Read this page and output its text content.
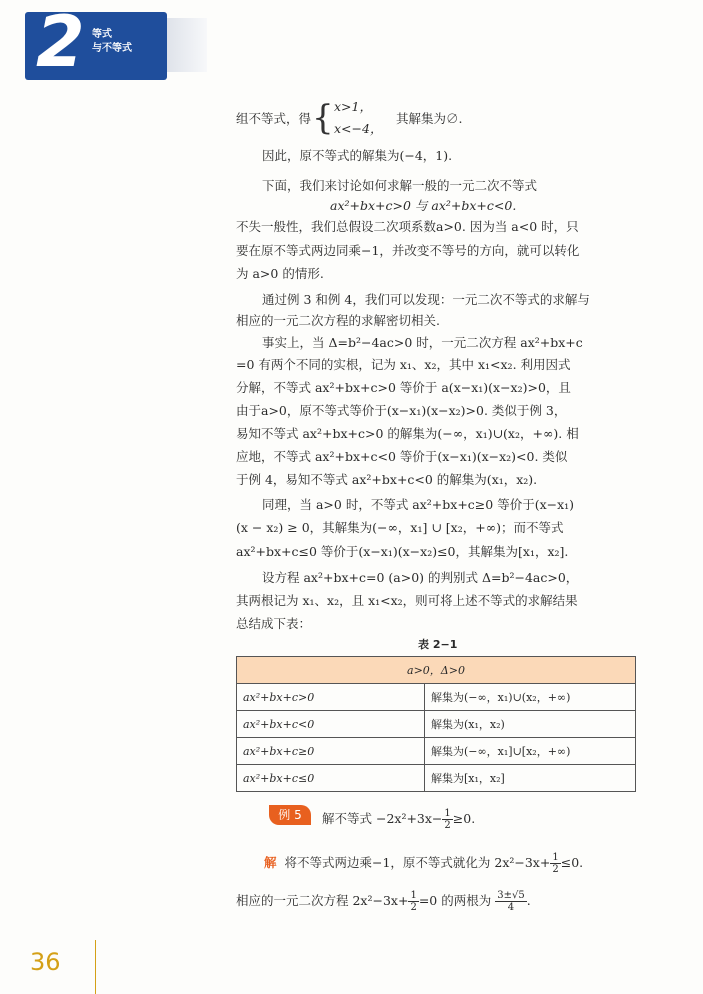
2 等式
与不等式
组不等式，得 { x>1，
x<−4，
其解集为∅.
因此，原不等式的解集为(−4，1).
下面，我们来讨论如何求解一般的一元二次不等式
ax²+bx+c>0 与 ax²+bx+c<0.
不失一般性，我们总假设二次项系数a>0. 因为当 a<0 时，只
要在原不等式两边同乘−1，并改变不等号的方向，就可以转化
为 a>0 的情形.
通过例 3 和例 4，我们可以发现：一元二次不等式的求解与
相应的一元二次方程的求解密切相关.
事实上，当 Δ=b²−4ac>0 时，一元二次方程 ax²+bx+c
=0 有两个不同的实根，记为 x₁、x₂，其中 x₁<x₂. 利用因式
分解，不等式 ax²+bx+c>0 等价于 a(x−x₁)(x−x₂)>0，且
由于a>0，原不等式等价于(x−x₁)(x−x₂)>0. 类似于例 3，
易知不等式 ax²+bx+c>0 的解集为(−∞，x₁)∪(x₂，+∞). 相
应地，不等式 ax²+bx+c<0 等价于(x−x₁)(x−x₂)<0. 类似
于例 4，易知不等式 ax²+bx+c<0 的解集为(x₁，x₂).
同理，当 a>0 时，不等式 ax²+bx+c≥0 等价于(x−x₁)
(x − x₂) ≥ 0，其解集为(−∞，x₁] ∪ [x₂，+∞)；而不等式
ax²+bx+c≤0 等价于(x−x₁)(x−x₂)≤0，其解集为[x₁，x₂].
设方程 ax²+bx+c=0 (a>0) 的判别式 Δ=b²−4ac>0，
其两根记为 x₁、x₂，且 x₁<x₂，则可将上述不等式的求解结果
总结成下表：
表 2−1
a>0，Δ>0	
ax²+bx+c>0	解集为(−∞，x₁)∪(x₂，+∞)
ax²+bx+c<0	解集为(x₁，x₂)
ax²+bx+c≥0	解集为(−∞，x₁]∪[x₂，+∞)
ax²+bx+c≤0	解集为[x₁，x₂]
例 5	解不等式 $-2x^2+3x- \frac{1}{2} \ge 0$.
解 将不等式两边乘−1，原不等式就化为 $2x^2-3x+ \frac{1}{2} \le 0$.
相应的一元二次方程 $2x^2-3x+ \frac{1}{2} =0$ 的两根为 $\frac{3\pm√5}{4}$ .
36
